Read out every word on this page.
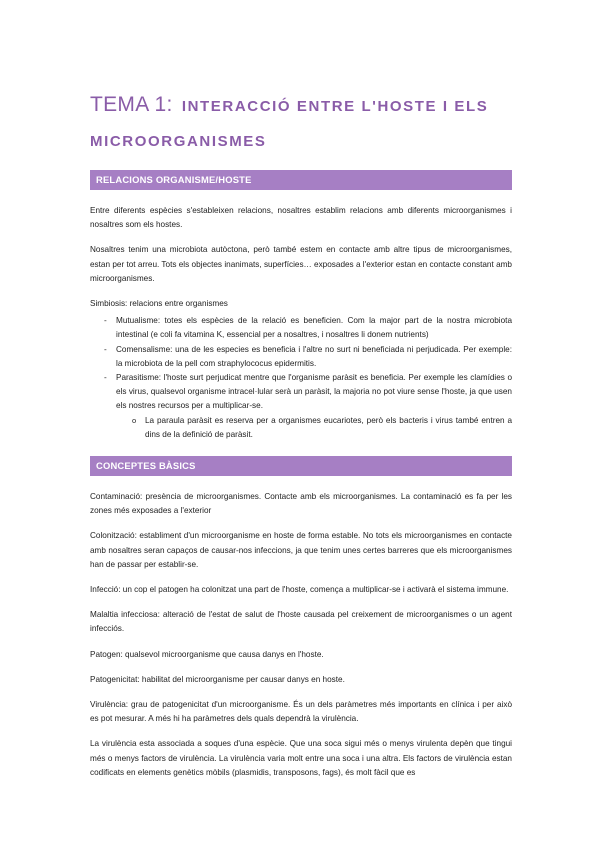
TEMA 1: INTERACCIÓ ENTRE L'HOSTE I ELS MICROORGANISMES
RELACIONS ORGANISME/HOSTE

Entre diferents espècies s'estableixen relacions, nosaltres establim relacions amb diferents microorganismes i nosaltres som els hostes.

Nosaltres tenim una microbiota autòctona, però també estem en contacte amb altre tipus de microorganismes, estan per tot arreu. Tots els objectes inanimats, superfícies… exposades a l'exterior estan en contacte constant amb microorganismes.

Simbiosis: relacions entre organismes

- Mutualisme: totes els espècies de la relació es beneficien. Com la major part de la nostra microbiota intestinal (e coli fa vitamina K, essencial per a nosaltres, i nosaltres li donem nutrients)
- Comensalisme: una de les especies es beneficia i l'altre no surt ni beneficiada ni perjudicada. Per exemple: la microbiota de la pell com straphylococus epidermitis.
- Parasitisme: l'hoste surt perjudicat mentre que l'organisme paràsit es beneficia. Per exemple les clamídies o els virus, qualsevol organisme intracel·lular serà un paràsit, la majoria no pot viure sense l'hoste, ja que usen els nostres recursos per a multiplicar-se.
o La paraula paràsit es reserva per a organismes eucariotes, però els bacteris i virus també entren a dins de la definició de paràsit.
CONCEPTES BÀSICS

Contaminació: presència de microorganismes. Contacte amb els microorganismes. La contaminació es fa per les zones més exposades a l'exterior

Colonització: establiment d'un microorganisme en hoste de forma estable. No tots els microorganismes en contacte amb nosaltres seran capaços de causar-nos infeccions, ja que tenim unes certes barreres que els microorganismes han de passar per establir-se.

Infecció: un cop el patogen ha colonitzat una part de l'hoste, comença a multiplicar-se i activarà el sistema immune.

Malaltia infecciosa: alteració de l'estat de salut de l'hoste causada pel creixement de microorganismes o un agent infecciós.

Patogen: qualsevol microorganisme que causa danys en l'hoste.

Patogenicitat: habilitat del microorganisme per causar danys en hoste.

Virulència: grau de patogenicitat d'un microorganisme. És un dels paràmetres més importants en clínica i per això es pot mesurar. A més hi ha paràmetres dels quals dependrà la virulència.

La virulència esta associada a soques d'una espècie. Que una soca sigui més o menys virulenta depèn que tingui més o menys factors de virulència. La virulència varia molt entre una soca i una altra. Els factors de virulència estan codificats en elements genètics mòbils (plasmidis, transposons, fags), és molt fàcil que es
